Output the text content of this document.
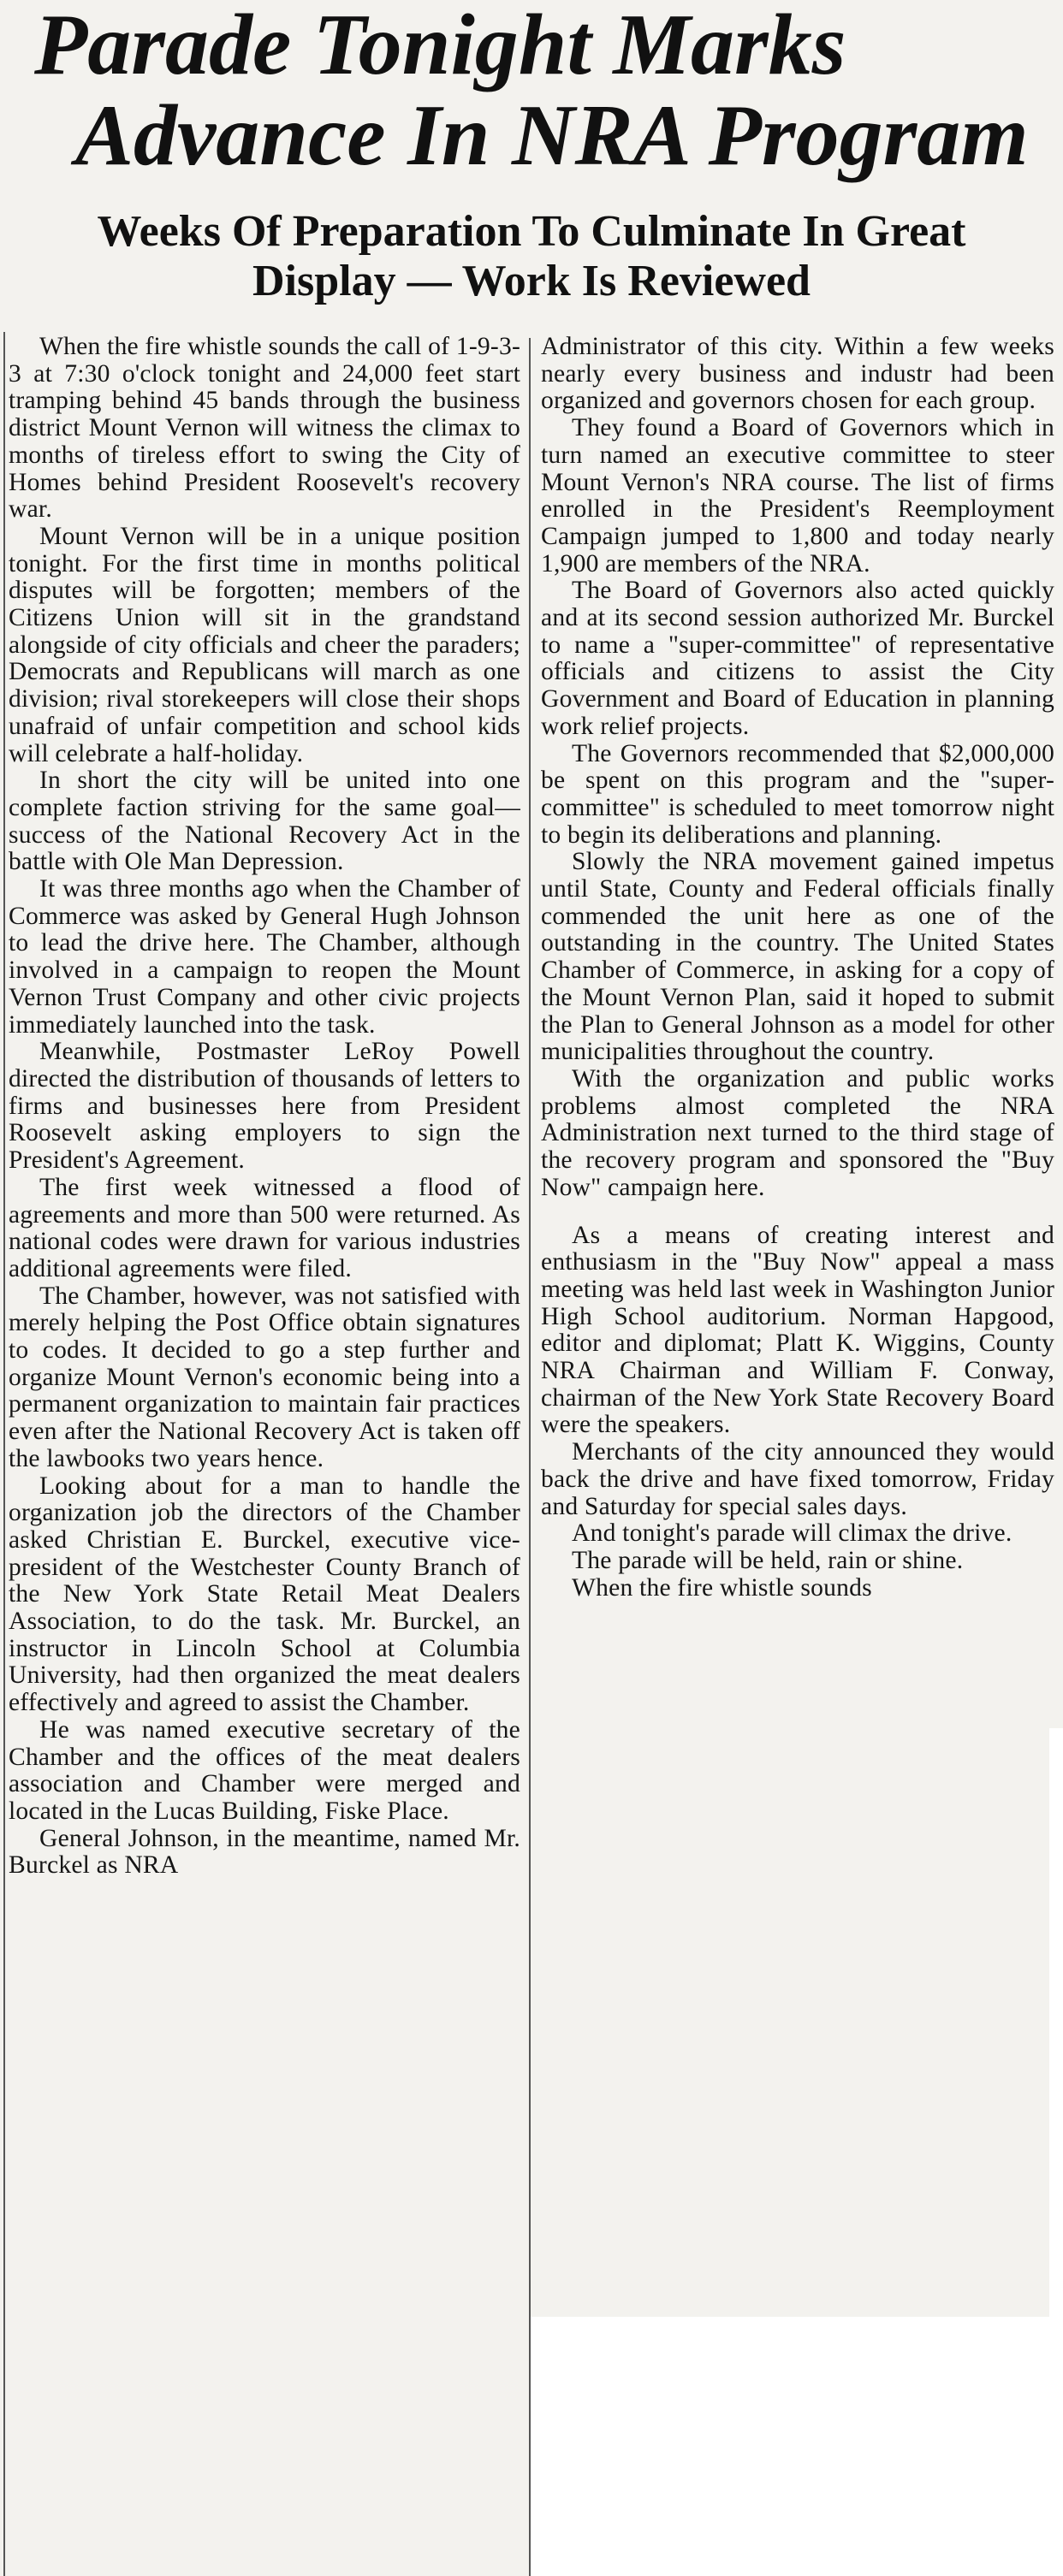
Parade Tonight Marks
Advance In NRA Program
Weeks Of Preparation To Culminate In Great
Display — Work Is Reviewed

When the fire whistle sounds the call of 1-9-3-3 at 7:30 o'clock tonight and 24,000 feet start tramping behind 45 bands through the business district Mount Vernon will witness the climax to months of tireless effort to swing the City of Homes behind President Roosevelt's recovery war.

Mount Vernon will be in a unique position tonight. For the first time in months political disputes will be forgotten; members of the Citizens Union will sit in the grandstand alongside of city officials and cheer the paraders; Democrats and Republicans will march as one division; rival storekeepers will close their shops unafraid of unfair competition and school kids will celebrate a half-holiday.

In short the city will be united into one complete faction striving for the same goal—success of the National Recovery Act in the battle with Ole Man Depression.

It was three months ago when the Chamber of Commerce was asked by General Hugh Johnson to lead the drive here. The Chamber, although involved in a campaign to reopen the Mount Vernon Trust Company and other civic projects immediately launched into the task.

Meanwhile, Postmaster LeRoy Powell directed the distribution of thousands of letters to firms and businesses here from President Roosevelt asking employers to sign the President's Agreement.

The first week witnessed a flood of agreements and more than 500 were returned. As national codes were drawn for various industries additional agreements were filed.

The Chamber, however, was not satisfied with merely helping the Post Office obtain signatures to codes. It decided to go a step further and organize Mount Vernon's economic being into a permanent organization to maintain fair practices even after the National Recovery Act is taken off the lawbooks two years hence.

Looking about for a man to handle the organization job the directors of the Chamber asked Christian E. Burckel, executive vice-president of the Westchester County Branch of the New York State Retail Meat Dealers Association, to do the task. Mr. Burckel, an instructor in Lincoln School at Columbia University, had then organized the meat dealers effectively and agreed to assist the Chamber.

He was named executive secretary of the Chamber and the offices of the meat dealers association and Chamber were merged and located in the Lucas Building, Fiske Place.

General Johnson, in the meantime, named Mr. Burckel as NRA

Administrator of this city. Within a few weeks nearly every business and industr had been organized and governors chosen for each group.

They found a Board of Governors which in turn named an executive committee to steer Mount Vernon's NRA course. The list of firms enrolled in the President's Reemployment Campaign jumped to 1,800 and today nearly 1,900 are members of the NRA.

The Board of Governors also acted quickly and at its second session authorized Mr. Burckel to name a "super-committee" of representative officials and citizens to assist the City Government and Board of Education in planning work relief projects.

The Governors recommended that $2,000,000 be spent on this program and the "super-committee" is scheduled to meet tomorrow night to begin its deliberations and planning.

Slowly the NRA movement gained impetus until State, County and Federal officials finally commended the unit here as one of the outstanding in the country. The United States Chamber of Commerce, in asking for a copy of the Mount Vernon Plan, said it hoped to submit the Plan to General Johnson as a model for other municipalities throughout the country.

With the organization and public works problems almost completed the NRA Administration next turned to the third stage of the recovery program and sponsored the "Buy Now" campaign here.

As a means of creating interest and enthusiasm in the "Buy Now" appeal a mass meeting was held last week in Washington Junior High School auditorium. Norman Hapgood, editor and diplomat; Platt K. Wiggins, County NRA Chairman and William F. Conway, chairman of the New York State Recovery Board were the speakers.

Merchants of the city announced they would back the drive and have fixed tomorrow, Friday and Saturday for special sales days.

And tonight's parade will climax the drive.

The parade will be held, rain or shine.

When the fire whistle sounds
